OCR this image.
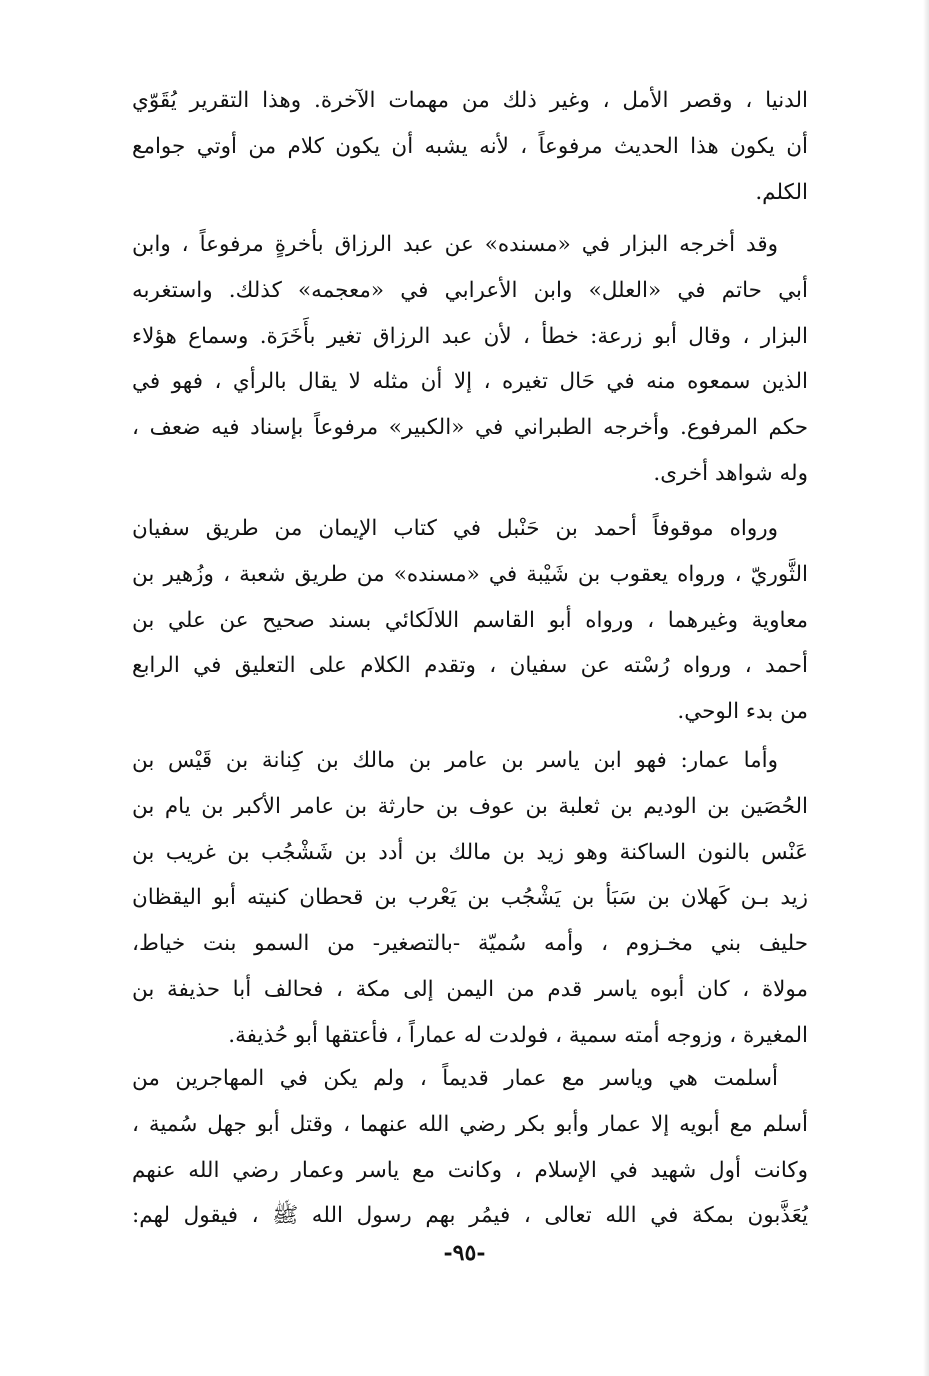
الدنيا ، وقصر الأمل ، وغير ذلك من مهمات الآخرة. وهذا التقرير يُقَوّي
أن يكون هذا الحديث مرفوعاً ، لأنه يشبه أن يكون كلام من أوتي جوامع
الكلم.
وقد أخرجه البزار في «مسنده» عن عبد الرزاق بأخرةٍ مرفوعاً ، وابن
أبي حاتم في «العلل» وابن الأعرابي في «معجمه» كذلك. واستغربه
البزار ، وقال أبو زرعة: خطأ ، لأن عبد الرزاق تغير بأَخَرَة. وسماع هؤلاء
الذين سمعوه منه في حَال تغيره ، إلا أن مثله لا يقال بالرأي ، فهو في
حكم المرفوع. وأخرجه الطبراني في «الكبير» مرفوعاً بإسناد فيه ضعف ،
وله شواهد أخرى.
ورواه موقوفاً أحمد بن حَنْبل في كتاب الإيمان من طريق سفيان
الثَّوريّ ، ورواه يعقوب بن شَيْبة في «مسنده» من طريق شعبة ، وزُهير بن
معاوية وغيرهما ، ورواه أبو القاسم اللالَكائي بسند صحيح عن علي بن
أحمد ، ورواه رُسْته عن سفيان ، وتقدم الكلام على التعليق في الرابع
من بدء الوحي.
وأما عمار: فهو ابن ياسر بن عامر بن مالك بن كِنانة بن قَيْس بن
الحُصَين بن الوديم بن ثعلبة بن عوف بن حارثة بن عامر الأكبر بن يام بن
عَنْس بالنون الساكنة وهو زيد بن مالك بن أدد بن شَشْجُب بن غريب بن
زيد بـن كَهلان بن سَبَأ بن يَشْجُب بن يَعْرب بن قحطان كنيته أبو اليقظان
حليف بني مخـزوم ، وأمه سُميّة -بالتصغير- من السمو بنت خياط،
مولاة ، كان أبوه ياسر قدم من اليمن إلى مكة ، فحالف أبا حذيفة بن
المغيرة ، وزوجه أمته سمية ، فولدت له عماراً ، فأعتقها أبو حُذيفة.
أسلمت هي وياسر مع عمار قديماً ، ولم يكن في المهاجرين من
أسلم مع أبويه إلا عمار وأبو بكر رضي الله عنهما ، وقتل أبو جهل سُمية ،
وكانت أول شهيد في الإسلام ، وكانت مع ياسر وعمار رضي الله عنهم
يُعَذَّبون بمكة في الله تعالى ، فيمُر بهم رسول الله ﷺ ، فيقول لهم:
-٩٥-
